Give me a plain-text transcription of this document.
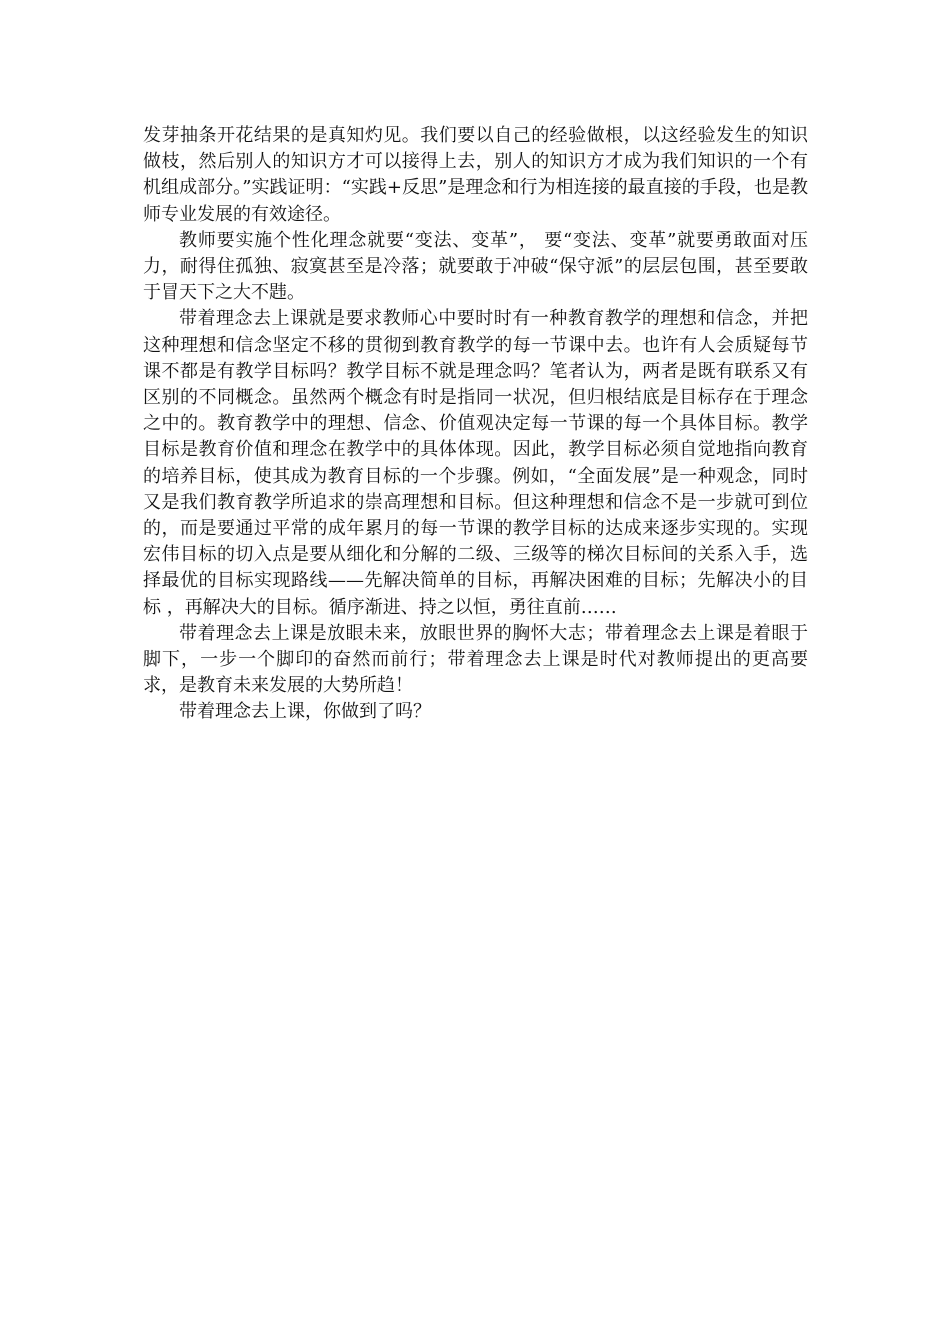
发芽抽条开花结果的是真知灼见。我们要以自己的经验做根，以这经验发生的知识做枝，然后别人的知识方才可以接得上去，别人的知识方才成为我们知识的一个有机组成部分。”实践证明：“实践+反思”是理念和行为相连接的最直接的手段，也是教师专业发展的有效途径。

教师要实施个性化理念就要“变法、变革”， 要“变法、变革”就要勇敢面对压力，耐得住孤独、寂寞甚至是冷落；就要敢于冲破“保守派”的层层包围，甚至要敢于冒天下之大不韪。

带着理念去上课就是要求教师心中要时时有一种教育教学的理想和信念，并把这种理想和信念坚定不移的贯彻到教育教学的每一节课中去。也许有人会质疑每节课不都是有教学目标吗？教学目标不就是理念吗？笔者认为，两者是既有联系又有区别的不同概念。虽然两个概念有时是指同一状况，但归根结底是目标存在于理念之中的。教育教学中的理想、信念、价值观决定每一节课的每一个具体目标。教学目标是教育价值和理念在教学中的具体体现。因此，教学目标必须自觉地指向教育的培养目标，使其成为教育目标的一个步骤。例如，“全面发展”是一种观念，同时又是我们教育教学所追求的崇高理想和目标。但这种理想和信念不是一步就可到位的，而是要通过平常的成年累月的每一节课的教学目标的达成来逐步实现的。实现宏伟目标的切入点是要从细化和分解的二级、三级等的梯次目标间的关系入手，选择最优的目标实现路线——先解决简单的目标，再解决困难的目标；先解决小的目标 ，再解决大的目标。循序渐进、持之以恒，勇往直前……

带着理念去上课是放眼未来，放眼世界的胸怀大志；带着理念去上课是着眼于脚下，一步一个脚印的奋然而前行；带着理念去上课是时代对教师提出的更高要求，是教育未来发展的大势所趋！

带着理念去上课，你做到了吗？
